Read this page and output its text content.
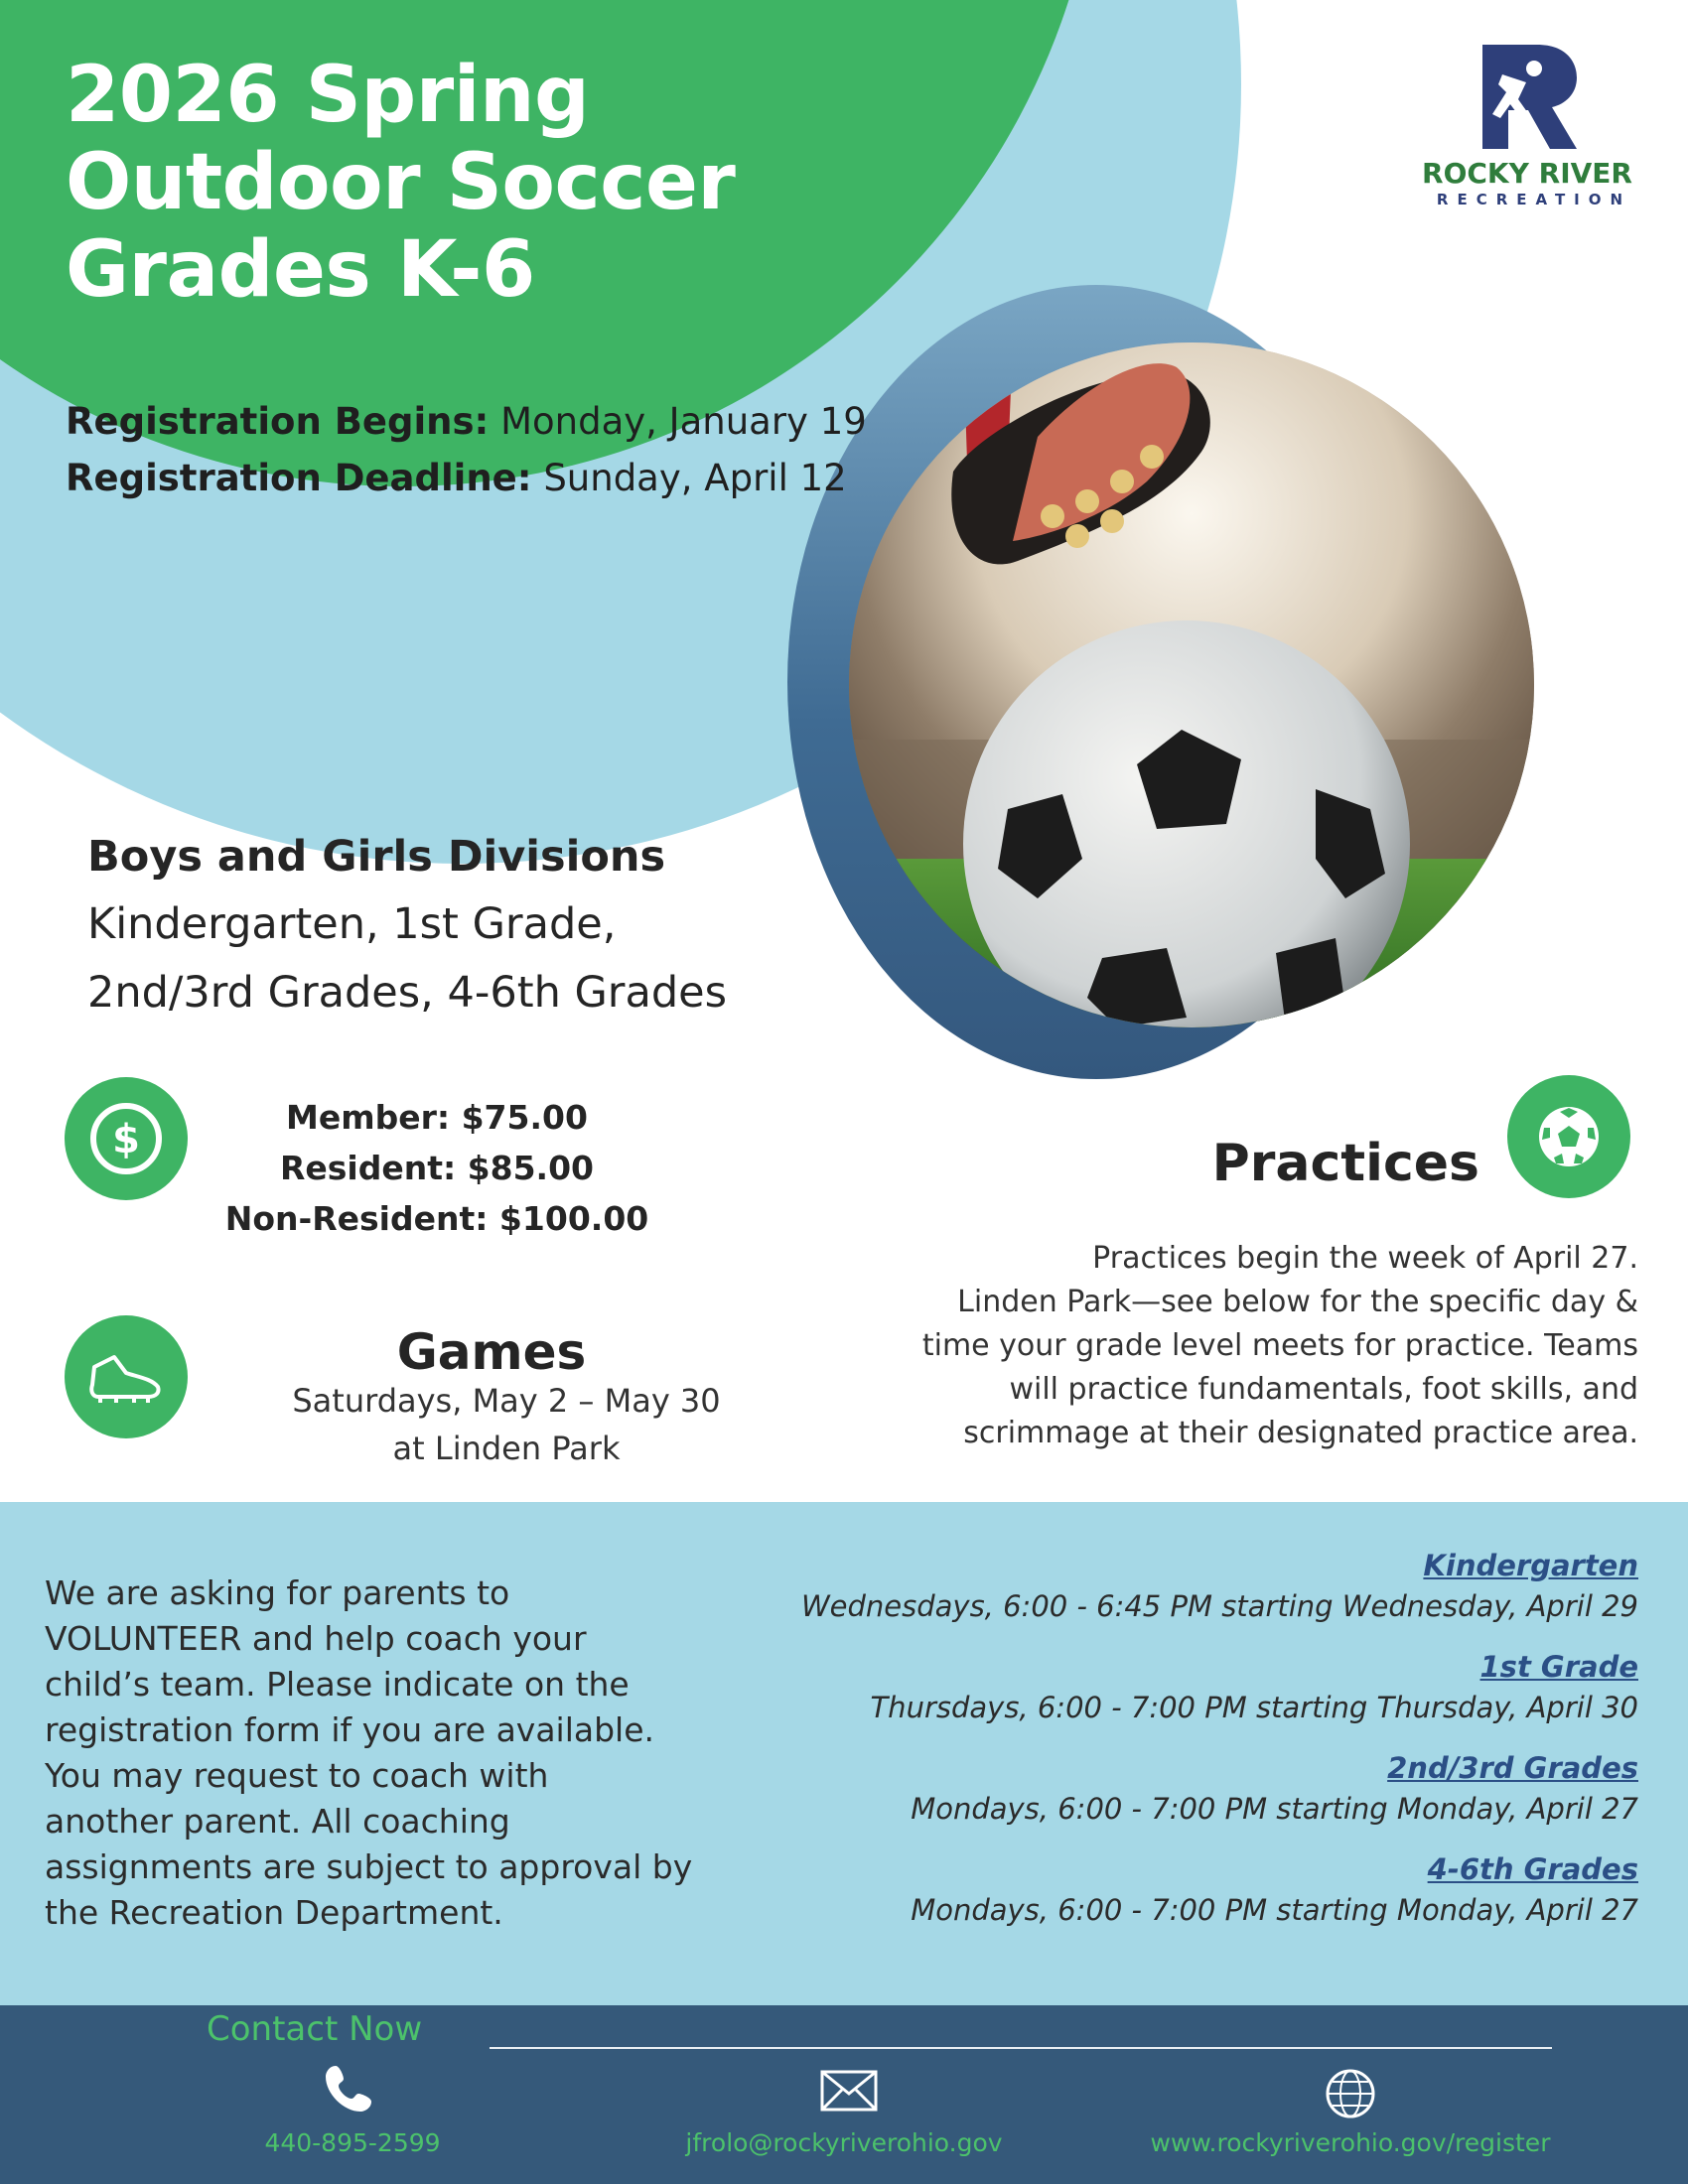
2026 Spring
Outdoor Soccer
Grades K-6
Registration Begins: Monday, January 19
Registration Deadline: Sunday, April 12
ROCKY RIVER
RECREATION
Boys and Girls Divisions
Kindergarten, 1st Grade,
2nd/3rd Grades, 4-6th Grades
$	Member: $75.00
Resident: $85.00
Non-Resident: $100.00
Games
Saturdays, May 2 – May 30
at Linden Park
Practices
Practices begin the week of April 27.
Linden Park—see below for the specific day &
time your grade level meets for practice. Teams
will practice fundamentals, foot skills, and
scrimmage at their designated practice area.
We are asking for parents to
VOLUNTEER and help coach your
child’s team. Please indicate on the
registration form if you are available.
You may request to coach with
another parent. All coaching
assignments are subject to approval by
the Recreation Department.
Kindergarten
Wednesdays, 6:00 - 6:45 PM starting Wednesday, April 29
1st Grade
Thursdays, 6:00 - 7:00 PM starting Thursday, April 30
2nd/3rd Grades
Mondays, 6:00 - 7:00 PM starting Monday, April 27
4-6th Grades
Mondays, 6:00 - 7:00 PM starting Monday, April 27
Contact Now
440-895-2599	jfrolo@rockyriverohio.gov	www.rockyriverohio.gov/register
